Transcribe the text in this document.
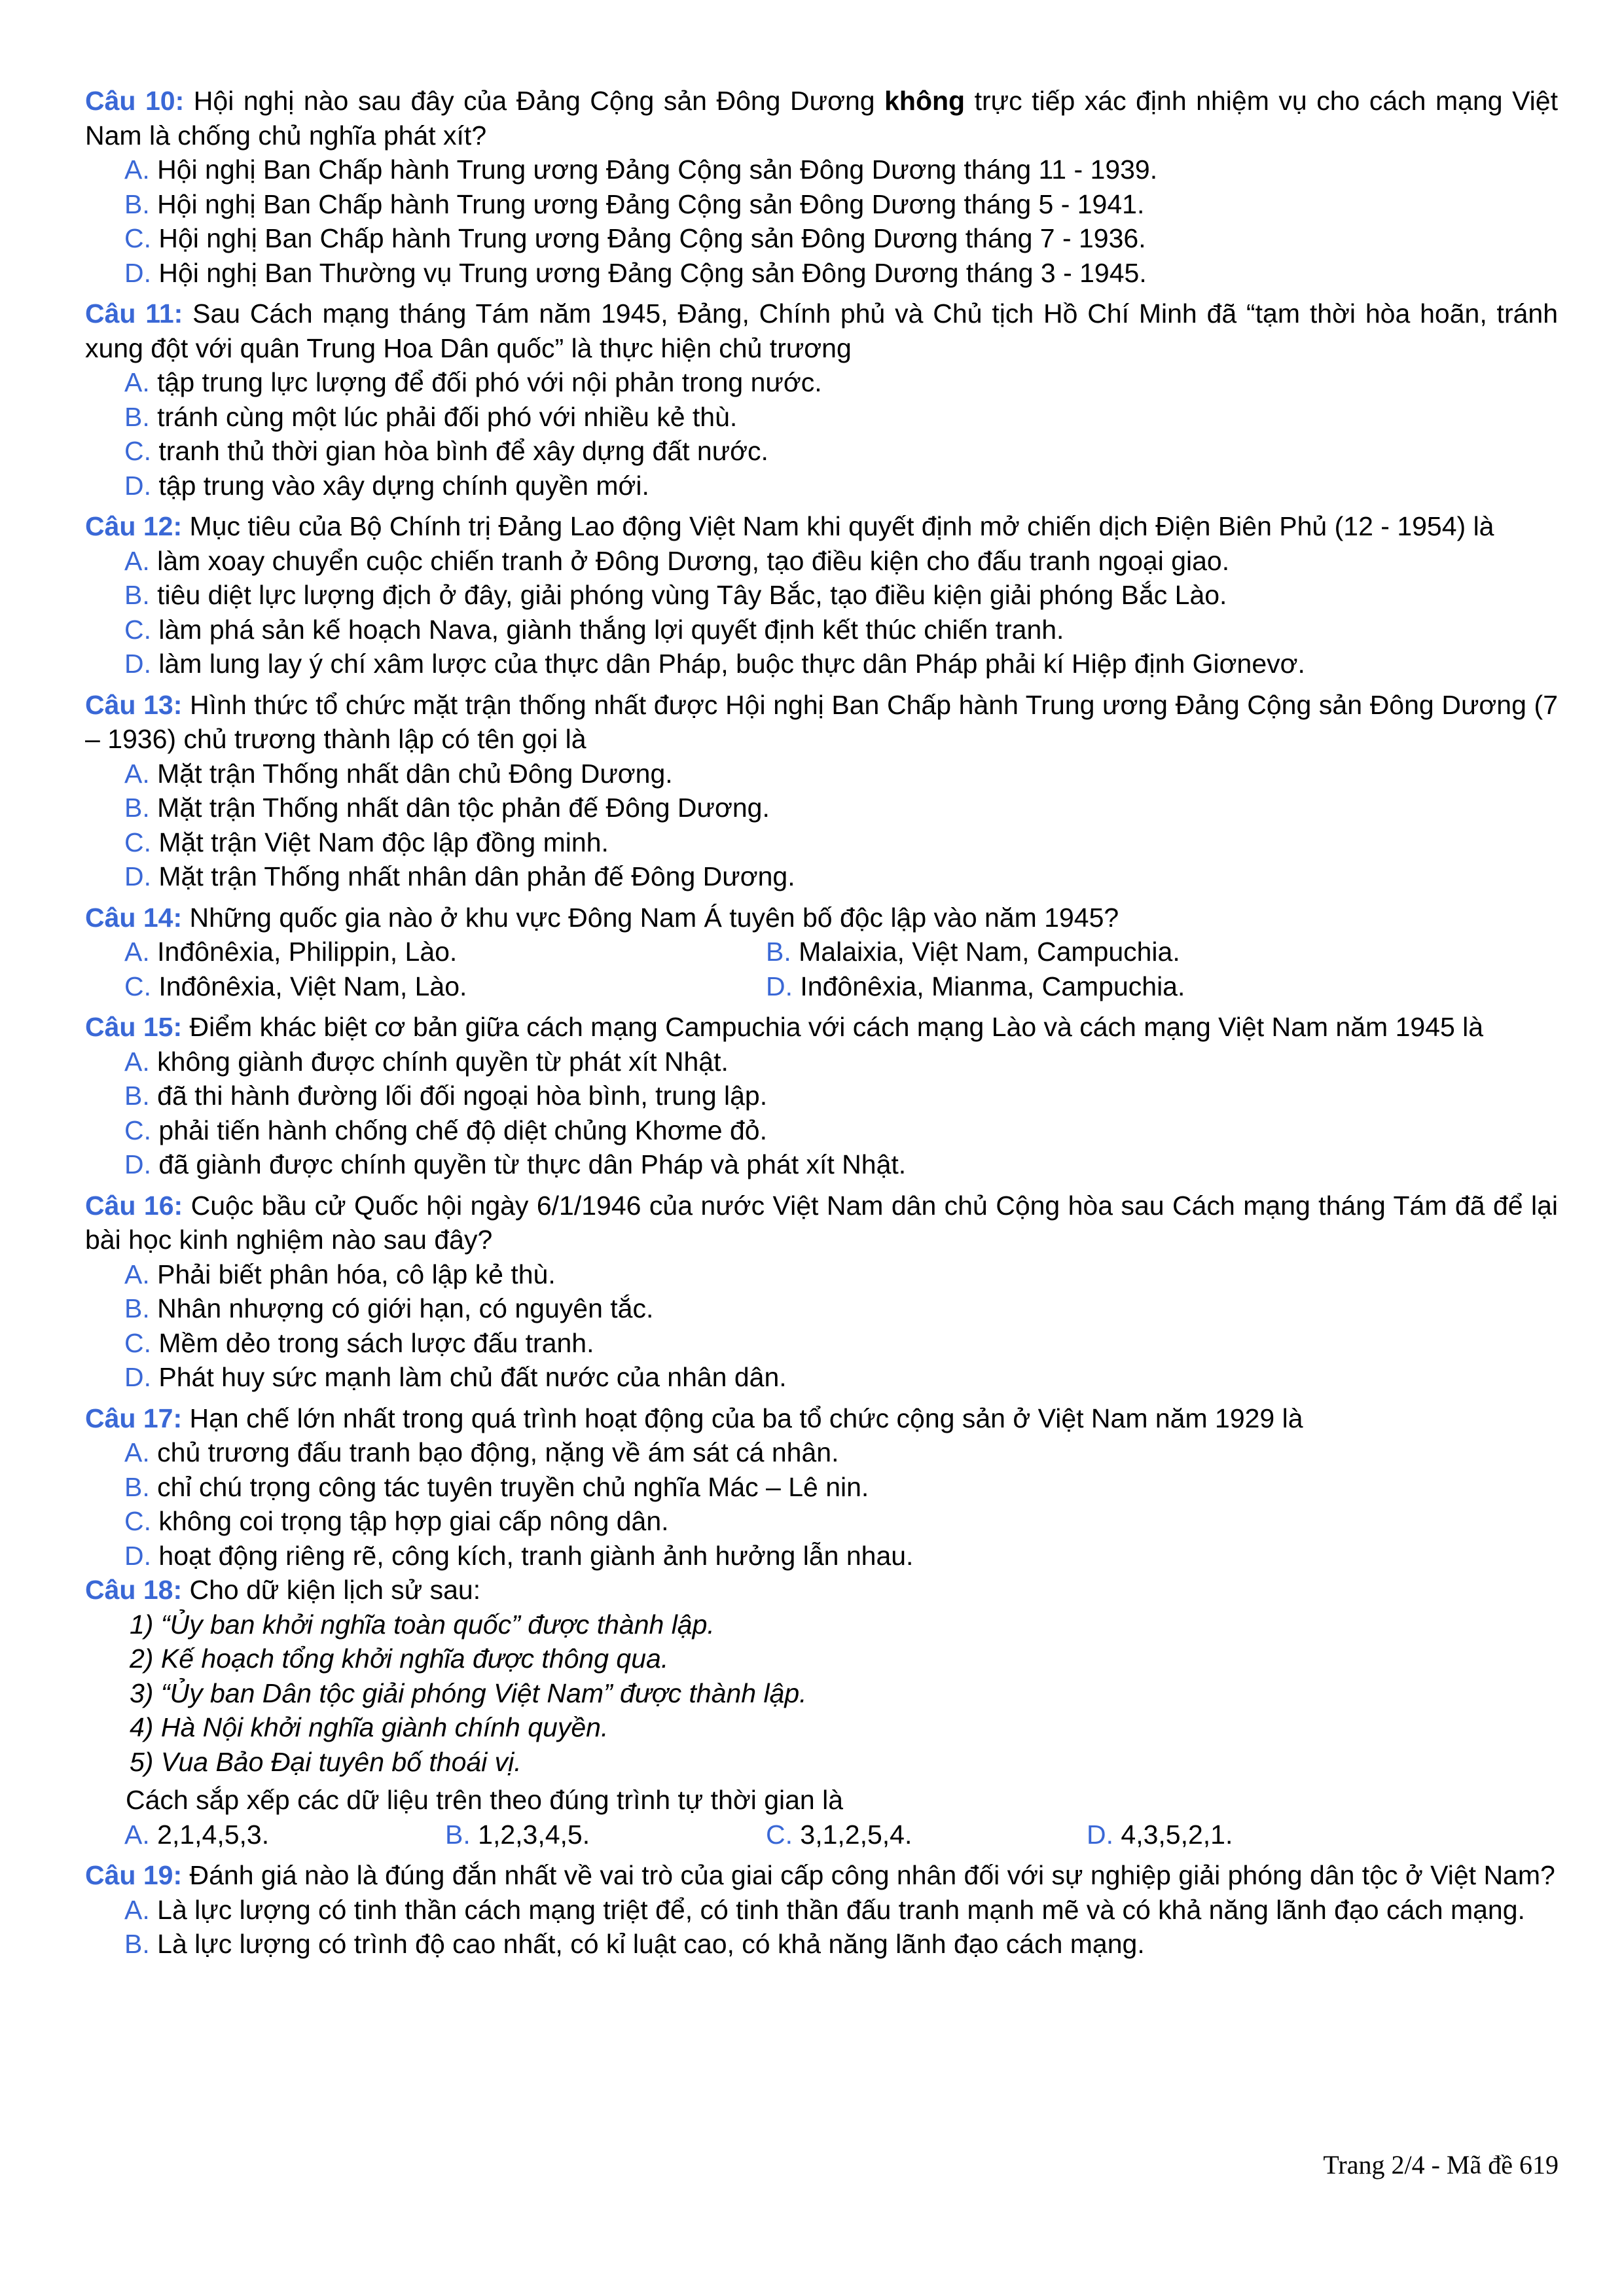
Câu 10: Hội nghị nào sau đây của Đảng Cộng sản Đông Dương không trực tiếp xác định nhiệm vụ cho cách mạng Việt Nam là chống chủ nghĩa phát xít?
A. Hội nghị Ban Chấp hành Trung ương Đảng Cộng sản Đông Dương tháng 11 - 1939.
B. Hội nghị Ban Chấp hành Trung ương Đảng Cộng sản Đông Dương tháng 5 - 1941.
C. Hội nghị Ban Chấp hành Trung ương Đảng Cộng sản Đông Dương tháng 7 - 1936.
D. Hội nghị Ban Thường vụ Trung ương Đảng Cộng sản Đông Dương tháng 3 - 1945.
Câu 11: Sau Cách mạng tháng Tám năm 1945, Đảng, Chính phủ và Chủ tịch Hồ Chí Minh đã “tạm thời hòa hoãn, tránh xung đột với quân Trung Hoa Dân quốc” là thực hiện chủ trương
A. tập trung lực lượng để đối phó với nội phản trong nước.
B. tránh cùng một lúc phải đối phó với nhiều kẻ thù.
C. tranh thủ thời gian hòa bình để xây dựng đất nước.
D. tập trung vào xây dựng chính quyền mới.
Câu 12: Mục tiêu của Bộ Chính trị Đảng Lao động Việt Nam khi quyết định mở chiến dịch Điện Biên Phủ (12 - 1954) là
A. làm xoay chuyển cuộc chiến tranh ở Đông Dương, tạo điều kiện cho đấu tranh ngoại giao.
B. tiêu diệt lực lượng địch ở đây, giải phóng vùng Tây Bắc, tạo điều kiện giải phóng Bắc Lào.
C. làm phá sản kế hoạch Nava, giành thắng lợi quyết định kết thúc chiến tranh.
D. làm lung lay ý chí xâm lược của thực dân Pháp, buộc thực dân Pháp phải kí Hiệp định Giơnevơ.
Câu 13: Hình thức tổ chức mặt trận thống nhất được Hội nghị Ban Chấp hành Trung ương Đảng Cộng sản Đông Dương (7 – 1936) chủ trương thành lập có tên gọi là
A. Mặt trận Thống nhất dân chủ Đông Dương.
B. Mặt trận Thống nhất dân tộc phản đế Đông Dương.
C. Mặt trận Việt Nam độc lập đồng minh.
D. Mặt trận Thống nhất nhân dân phản đế Đông Dương.
Câu 14: Những quốc gia nào ở khu vực Đông Nam Á tuyên bố độc lập vào năm 1945?
A. Inđônêxia, Philippin, Lào.	B. Malaixia, Việt Nam, Campuchia.
C. Inđônêxia, Việt Nam, Lào.	D. Inđônêxia, Mianma, Campuchia.
Câu 15: Điểm khác biệt cơ bản giữa cách mạng Campuchia với cách mạng Lào và cách mạng Việt Nam năm 1945 là
A. không giành được chính quyền từ phát xít Nhật.
B. đã thi hành đường lối đối ngoại hòa bình, trung lập.
C. phải tiến hành chống chế độ diệt chủng Khơme đỏ.
D. đã giành được chính quyền từ thực dân Pháp và phát xít Nhật.
Câu 16: Cuộc bầu cử Quốc hội ngày 6/1/1946 của nước Việt Nam dân chủ Cộng hòa sau Cách mạng tháng Tám đã để lại bài học kinh nghiệm nào sau đây?
A. Phải biết phân hóa, cô lập kẻ thù.
B. Nhân nhượng có giới hạn, có nguyên tắc.
C. Mềm dẻo trong sách lược đấu tranh.
D. Phát huy sức mạnh làm chủ đất nước của nhân dân.
Câu 17: Hạn chế lớn nhất trong quá trình hoạt động của ba tổ chức cộng sản ở Việt Nam năm 1929 là
A. chủ trương đấu tranh bạo động, nặng về ám sát cá nhân.
B. chỉ chú trọng công tác tuyên truyền chủ nghĩa Mác – Lê nin.
C. không coi trọng tập hợp giai cấp nông dân.
D. hoạt động riêng rẽ, công kích, tranh giành ảnh hưởng lẫn nhau.
Câu 18: Cho dữ kiện lịch sử sau:
1) “Ủy ban khởi nghĩa toàn quốc” được thành lập.
2) Kế hoạch tổng khởi nghĩa được thông qua.
3) “Ủy ban Dân tộc giải phóng Việt Nam” được thành lập.
4) Hà Nội khởi nghĩa giành chính quyền.
5) Vua Bảo Đại tuyên bố thoái vị.
Cách sắp xếp các dữ liệu trên theo đúng trình tự thời gian là
A. 2,1,4,5,3.	B. 1,2,3,4,5.	C. 3,1,2,5,4.	D. 4,3,5,2,1.
Câu 19: Đánh giá nào là đúng đắn nhất về vai trò của giai cấp công nhân đối với sự nghiệp giải phóng dân tộc ở Việt Nam?
A. Là lực lượng có tinh thần cách mạng triệt để, có tinh thần đấu tranh mạnh mẽ và có khả năng lãnh đạo cách mạng.
B. Là lực lượng có trình độ cao nhất, có kỉ luật cao, có khả năng lãnh đạo cách mạng.
Trang 2/4 - Mã đề 619
